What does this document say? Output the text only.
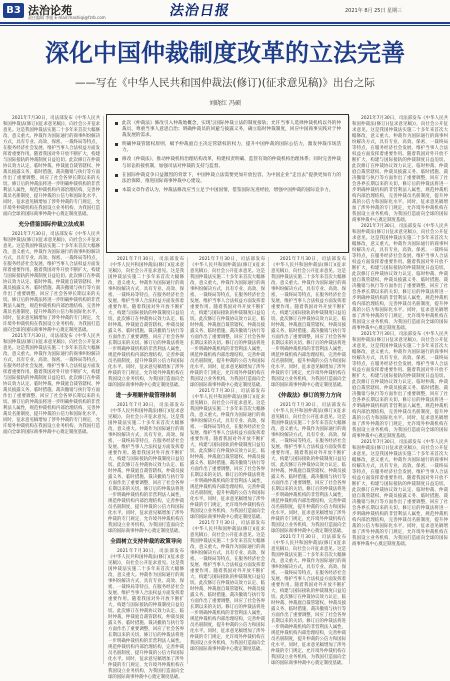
B3 法治论苑
责任编辑 李媛 E-mail:mashiqi@fzrb.com	法治日报	2021年 8月 25日 星期三
深化中国仲裁制度改革的立法完善
——写在《中华人民共和国仲裁法(修订)(征求意见稿)》出台之际
刘晓红 冯硕

2021年7月30日，司法部发布《中华人民共和国仲裁法(修订)(征求意见稿)》，向社会公开征求意见。这是我国仲裁法实施二十多年来首次大幅修改，意义重大。仲裁作为国际通行的商事纠纷解决方式，具有专业、高效、保密、一裁终局等特点，在服务经济社会发展、维护当事人合法权益方面发挥着重要作用。随着我国对外开放不断扩大，构建与国际接轨的仲裁制度日益迫切。此次修订在仲裁协议效力认定、临时仲裁、仲裁庭自裁管辖权、仲裁员披露义务、临时措施、裁决撤销与执行等方面作出了重要调整，回应了社会各界长期以来的关切。修订后的仲裁法将进一步明确仲裁机构的非营利法人属性，规范仲裁机构内部治理结构，完善仲裁员名册制度，提升仲裁的公信力和国际化水平。同时，征求意见稿增加了涉外仲裁的专门规定，允许境外仲裁机构在我国设立业务机构，为我国打造面向全球的国际商事仲裁中心奠定制度基础。

充分借鉴国际仲裁立法成果

2021年7月30日，司法部发布《中华人民共和国仲裁法(修订)(征求意见稿)》，向社会公开征求意见。这是我国仲裁法实施二十多年来首次大幅修改，意义重大。仲裁作为国际通行的商事纠纷解决方式，具有专业、高效、保密、一裁终局等特点，在服务经济社会发展、维护当事人合法权益方面发挥着重要作用。随着我国对外开放不断扩大，构建与国际接轨的仲裁制度日益迫切。此次修订在仲裁协议效力认定、临时仲裁、仲裁庭自裁管辖权、仲裁员披露义务、临时措施、裁决撤销与执行等方面作出了重要调整，回应了社会各界长期以来的关切。修订后的仲裁法将进一步明确仲裁机构的非营利法人属性，规范仲裁机构内部治理结构，完善仲裁员名册制度，提升仲裁的公信力和国际化水平。同时，征求意见稿增加了涉外仲裁的专门规定，允许境外仲裁机构在我国设立业务机构，为我国打造面向全球的国际商事仲裁中心奠定制度基础。

2021年7月30日，司法部发布《中华人民共和国仲裁法(修订)(征求意见稿)》，向社会公开征求意见。这是我国仲裁法实施二十多年来首次大幅修改，意义重大。仲裁作为国际通行的商事纠纷解决方式，具有专业、高效、保密、一裁终局等特点，在服务经济社会发展、维护当事人合法权益方面发挥着重要作用。随着我国对外开放不断扩大，构建与国际接轨的仲裁制度日益迫切。此次修订在仲裁协议效力认定、临时仲裁、仲裁庭自裁管辖权、仲裁员披露义务、临时措施、裁决撤销与执行等方面作出了重要调整，回应了社会各界长期以来的关切。修订后的仲裁法将进一步明确仲裁机构的非营利法人属性，规范仲裁机构内部治理结构，完善仲裁员名册制度，提升仲裁的公信力和国际化水平。同时，征求意见稿增加了涉外仲裁的专门规定，允许境外仲裁机构在我国设立业务机构，为我国打造面向全球的国际商事仲裁中心奠定制度基础。

此次《仲裁法》修改引入仲裁地概念，实现与国际仲裁立法的制度接轨；允许当事人选择仲裁机构以外的仲裁员，尊重当事人意思自治；明确仲裁员的回避与披露义务，确立临时仲裁制度，回应中国商事实践对于仲裁发展的需求。
明确仲裁管辖权原则，赋予仲裁庭自主决定管辖权的权力，提升中国仲裁的国际公信力，激发仲裁市场活力。
修改《仲裁法》，推动仲裁机构治理结构改革，构建权责明确、监管有效的仲裁机构治理体系；同时完善仲裁与诉讼衔接机制，加强司法对仲裁的支持与监督。
在国际仲裁竞争日益激烈的背景下，中国仲裁立法需要更加开放包容，为中国企业“走出去”提供更加有力的法治保障，推进国际商事仲裁中心建设。
本篇文章作者认为，仲裁法修改应当立足于中国国情，借鉴国际先进经验，增强中国仲裁的国际竞争力。

2021年7月30日，司法部发布《中华人民共和国仲裁法(修订)(征求意见稿)》，向社会公开征求意见。这是我国仲裁法实施二十多年来首次大幅修改，意义重大。仲裁作为国际通行的商事纠纷解决方式，具有专业、高效、保密、一裁终局等特点，在服务经济社会发展、维护当事人合法权益方面发挥着重要作用。随着我国对外开放不断扩大，构建与国际接轨的仲裁制度日益迫切。此次修订在仲裁协议效力认定、临时仲裁、仲裁庭自裁管辖权、仲裁员披露义务、临时措施、裁决撤销与执行等方面作出了重要调整，回应了社会各界长期以来的关切。修订后的仲裁法将进一步明确仲裁机构的非营利法人属性，规范仲裁机构内部治理结构，完善仲裁员名册制度，提升仲裁的公信力和国际化水平。同时，征求意见稿增加了涉外仲裁的专门规定，允许境外仲裁机构在我国设立业务机构，为我国打造面向全球的国际商事仲裁中心奠定制度基础。

进一步理顺仲裁管理体制

2021年7月30日，司法部发布《中华人民共和国仲裁法(修订)(征求意见稿)》，向社会公开征求意见。这是我国仲裁法实施二十多年来首次大幅修改，意义重大。仲裁作为国际通行的商事纠纷解决方式，具有专业、高效、保密、一裁终局等特点，在服务经济社会发展、维护当事人合法权益方面发挥着重要作用。随着我国对外开放不断扩大，构建与国际接轨的仲裁制度日益迫切。此次修订在仲裁协议效力认定、临时仲裁、仲裁庭自裁管辖权、仲裁员披露义务、临时措施、裁决撤销与执行等方面作出了重要调整，回应了社会各界长期以来的关切。修订后的仲裁法将进一步明确仲裁机构的非营利法人属性，规范仲裁机构内部治理结构，完善仲裁员名册制度，提升仲裁的公信力和国际化水平。同时，征求意见稿增加了涉外仲裁的专门规定，允许境外仲裁机构在我国设立业务机构，为我国打造面向全球的国际商事仲裁中心奠定制度基础。

全面树立支持仲裁的政策导向

2021年7月30日，司法部发布《中华人民共和国仲裁法(修订)(征求意见稿)》，向社会公开征求意见。这是我国仲裁法实施二十多年来首次大幅修改，意义重大。仲裁作为国际通行的商事纠纷解决方式，具有专业、高效、保密、一裁终局等特点，在服务经济社会发展、维护当事人合法权益方面发挥着重要作用。随着我国对外开放不断扩大，构建与国际接轨的仲裁制度日益迫切。此次修订在仲裁协议效力认定、临时仲裁、仲裁庭自裁管辖权、仲裁员披露义务、临时措施、裁决撤销与执行等方面作出了重要调整，回应了社会各界长期以来的关切。修订后的仲裁法将进一步明确仲裁机构的非营利法人属性，规范仲裁机构内部治理结构，完善仲裁员名册制度，提升仲裁的公信力和国际化水平。同时，征求意见稿增加了涉外仲裁的专门规定，允许境外仲裁机构在我国设立业务机构，为我国打造面向全球的国际商事仲裁中心奠定制度基础。

2021年7月30日，司法部发布《中华人民共和国仲裁法(修订)(征求意见稿)》，向社会公开征求意见。这是我国仲裁法实施二十多年来首次大幅修改，意义重大。仲裁作为国际通行的商事纠纷解决方式，具有专业、高效、保密、一裁终局等特点，在服务经济社会发展、维护当事人合法权益方面发挥着重要作用。随着我国对外开放不断扩大，构建与国际接轨的仲裁制度日益迫切。此次修订在仲裁协议效力认定、临时仲裁、仲裁庭自裁管辖权、仲裁员披露义务、临时措施、裁决撤销与执行等方面作出了重要调整，回应了社会各界长期以来的关切。修订后的仲裁法将进一步明确仲裁机构的非营利法人属性，规范仲裁机构内部治理结构，完善仲裁员名册制度，提升仲裁的公信力和国际化水平。同时，征求意见稿增加了涉外仲裁的专门规定，允许境外仲裁机构在我国设立业务机构，为我国打造面向全球的国际商事仲裁中心奠定制度基础。

2021年7月30日，司法部发布《中华人民共和国仲裁法(修订)(征求意见稿)》，向社会公开征求意见。这是我国仲裁法实施二十多年来首次大幅修改，意义重大。仲裁作为国际通行的商事纠纷解决方式，具有专业、高效、保密、一裁终局等特点，在服务经济社会发展、维护当事人合法权益方面发挥着重要作用。随着我国对外开放不断扩大，构建与国际接轨的仲裁制度日益迫切。此次修订在仲裁协议效力认定、临时仲裁、仲裁庭自裁管辖权、仲裁员披露义务、临时措施、裁决撤销与执行等方面作出了重要调整，回应了社会各界长期以来的关切。修订后的仲裁法将进一步明确仲裁机构的非营利法人属性，规范仲裁机构内部治理结构，完善仲裁员名册制度，提升仲裁的公信力和国际化水平。同时，征求意见稿增加了涉外仲裁的专门规定，允许境外仲裁机构在我国设立业务机构，为我国打造面向全球的国际商事仲裁中心奠定制度基础。

2021年7月30日，司法部发布《中华人民共和国仲裁法(修订)(征求意见稿)》，向社会公开征求意见。这是我国仲裁法实施二十多年来首次大幅修改，意义重大。仲裁作为国际通行的商事纠纷解决方式，具有专业、高效、保密、一裁终局等特点，在服务经济社会发展、维护当事人合法权益方面发挥着重要作用。随着我国对外开放不断扩大，构建与国际接轨的仲裁制度日益迫切。此次修订在仲裁协议效力认定、临时仲裁、仲裁庭自裁管辖权、仲裁员披露义务、临时措施、裁决撤销与执行等方面作出了重要调整，回应了社会各界长期以来的关切。修订后的仲裁法将进一步明确仲裁机构的非营利法人属性，规范仲裁机构内部治理结构，完善仲裁员名册制度，提升仲裁的公信力和国际化水平。同时，征求意见稿增加了涉外仲裁的专门规定，允许境外仲裁机构在我国设立业务机构，为我国打造面向全球的国际商事仲裁中心奠定制度基础。

2021年7月30日，司法部发布《中华人民共和国仲裁法(修订)(征求意见稿)》，向社会公开征求意见。这是我国仲裁法实施二十多年来首次大幅修改，意义重大。仲裁作为国际通行的商事纠纷解决方式，具有专业、高效、保密、一裁终局等特点，在服务经济社会发展、维护当事人合法权益方面发挥着重要作用。随着我国对外开放不断扩大，构建与国际接轨的仲裁制度日益迫切。此次修订在仲裁协议效力认定、临时仲裁、仲裁庭自裁管辖权、仲裁员披露义务、临时措施、裁决撤销与执行等方面作出了重要调整，回应了社会各界长期以来的关切。修订后的仲裁法将进一步明确仲裁机构的非营利法人属性，规范仲裁机构内部治理结构，完善仲裁员名册制度，提升仲裁的公信力和国际化水平。同时，征求意见稿增加了涉外仲裁的专门规定，允许境外仲裁机构在我国设立业务机构，为我国打造面向全球的国际商事仲裁中心奠定制度基础。

《仲裁法》修订的努力方向

2021年7月30日，司法部发布《中华人民共和国仲裁法(修订)(征求意见稿)》，向社会公开征求意见。这是我国仲裁法实施二十多年来首次大幅修改，意义重大。仲裁作为国际通行的商事纠纷解决方式，具有专业、高效、保密、一裁终局等特点，在服务经济社会发展、维护当事人合法权益方面发挥着重要作用。随着我国对外开放不断扩大，构建与国际接轨的仲裁制度日益迫切。此次修订在仲裁协议效力认定、临时仲裁、仲裁庭自裁管辖权、仲裁员披露义务、临时措施、裁决撤销与执行等方面作出了重要调整，回应了社会各界长期以来的关切。修订后的仲裁法将进一步明确仲裁机构的非营利法人属性，规范仲裁机构内部治理结构，完善仲裁员名册制度，提升仲裁的公信力和国际化水平。同时，征求意见稿增加了涉外仲裁的专门规定，允许境外仲裁机构在我国设立业务机构，为我国打造面向全球的国际商事仲裁中心奠定制度基础。

2021年7月30日，司法部发布《中华人民共和国仲裁法(修订)(征求意见稿)》，向社会公开征求意见。这是我国仲裁法实施二十多年来首次大幅修改，意义重大。仲裁作为国际通行的商事纠纷解决方式，具有专业、高效、保密、一裁终局等特点，在服务经济社会发展、维护当事人合法权益方面发挥着重要作用。随着我国对外开放不断扩大，构建与国际接轨的仲裁制度日益迫切。此次修订在仲裁协议效力认定、临时仲裁、仲裁庭自裁管辖权、仲裁员披露义务、临时措施、裁决撤销与执行等方面作出了重要调整，回应了社会各界长期以来的关切。修订后的仲裁法将进一步明确仲裁机构的非营利法人属性，规范仲裁机构内部治理结构，完善仲裁员名册制度，提升仲裁的公信力和国际化水平。同时，征求意见稿增加了涉外仲裁的专门规定，允许境外仲裁机构在我国设立业务机构，为我国打造面向全球的国际商事仲裁中心奠定制度基础。

2021年7月30日，司法部发布《中华人民共和国仲裁法(修订)(征求意见稿)》，向社会公开征求意见。这是我国仲裁法实施二十多年来首次大幅修改，意义重大。仲裁作为国际通行的商事纠纷解决方式，具有专业、高效、保密、一裁终局等特点，在服务经济社会发展、维护当事人合法权益方面发挥着重要作用。随着我国对外开放不断扩大，构建与国际接轨的仲裁制度日益迫切。此次修订在仲裁协议效力认定、临时仲裁、仲裁庭自裁管辖权、仲裁员披露义务、临时措施、裁决撤销与执行等方面作出了重要调整，回应了社会各界长期以来的关切。修订后的仲裁法将进一步明确仲裁机构的非营利法人属性，规范仲裁机构内部治理结构，完善仲裁员名册制度，提升仲裁的公信力和国际化水平。同时，征求意见稿增加了涉外仲裁的专门规定，允许境外仲裁机构在我国设立业务机构，为我国打造面向全球的国际商事仲裁中心奠定制度基础。

2021年7月30日，司法部发布《中华人民共和国仲裁法(修订)(征求意见稿)》，向社会公开征求意见。这是我国仲裁法实施二十多年来首次大幅修改，意义重大。仲裁作为国际通行的商事纠纷解决方式，具有专业、高效、保密、一裁终局等特点，在服务经济社会发展、维护当事人合法权益方面发挥着重要作用。随着我国对外开放不断扩大，构建与国际接轨的仲裁制度日益迫切。此次修订在仲裁协议效力认定、临时仲裁、仲裁庭自裁管辖权、仲裁员披露义务、临时措施、裁决撤销与执行等方面作出了重要调整，回应了社会各界长期以来的关切。修订后的仲裁法将进一步明确仲裁机构的非营利法人属性，规范仲裁机构内部治理结构，完善仲裁员名册制度，提升仲裁的公信力和国际化水平。同时，征求意见稿增加了涉外仲裁的专门规定，允许境外仲裁机构在我国设立业务机构，为我国打造面向全球的国际商事仲裁中心奠定制度基础。

2021年7月30日，司法部发布《中华人民共和国仲裁法(修订)(征求意见稿)》，向社会公开征求意见。这是我国仲裁法实施二十多年来首次大幅修改，意义重大。仲裁作为国际通行的商事纠纷解决方式，具有专业、高效、保密、一裁终局等特点，在服务经济社会发展、维护当事人合法权益方面发挥着重要作用。随着我国对外开放不断扩大，构建与国际接轨的仲裁制度日益迫切。此次修订在仲裁协议效力认定、临时仲裁、仲裁庭自裁管辖权、仲裁员披露义务、临时措施、裁决撤销与执行等方面作出了重要调整，回应了社会各界长期以来的关切。修订后的仲裁法将进一步明确仲裁机构的非营利法人属性，规范仲裁机构内部治理结构，完善仲裁员名册制度，提升仲裁的公信力和国际化水平。同时，征求意见稿增加了涉外仲裁的专门规定，允许境外仲裁机构在我国设立业务机构，为我国打造面向全球的国际商事仲裁中心奠定制度基础。

2021年7月30日，司法部发布《中华人民共和国仲裁法(修订)(征求意见稿)》，向社会公开征求意见。这是我国仲裁法实施二十多年来首次大幅修改，意义重大。仲裁作为国际通行的商事纠纷解决方式，具有专业、高效、保密、一裁终局等特点，在服务经济社会发展、维护当事人合法权益方面发挥着重要作用。随着我国对外开放不断扩大，构建与国际接轨的仲裁制度日益迫切。此次修订在仲裁协议效力认定、临时仲裁、仲裁庭自裁管辖权、仲裁员披露义务、临时措施、裁决撤销与执行等方面作出了重要调整，回应了社会各界长期以来的关切。修订后的仲裁法将进一步明确仲裁机构的非营利法人属性，规范仲裁机构内部治理结构，完善仲裁员名册制度，提升仲裁的公信力和国际化水平。同时，征求意见稿增加了涉外仲裁的专门规定，允许境外仲裁机构在我国设立业务机构，为我国打造面向全球的国际商事仲裁中心奠定制度基础。
